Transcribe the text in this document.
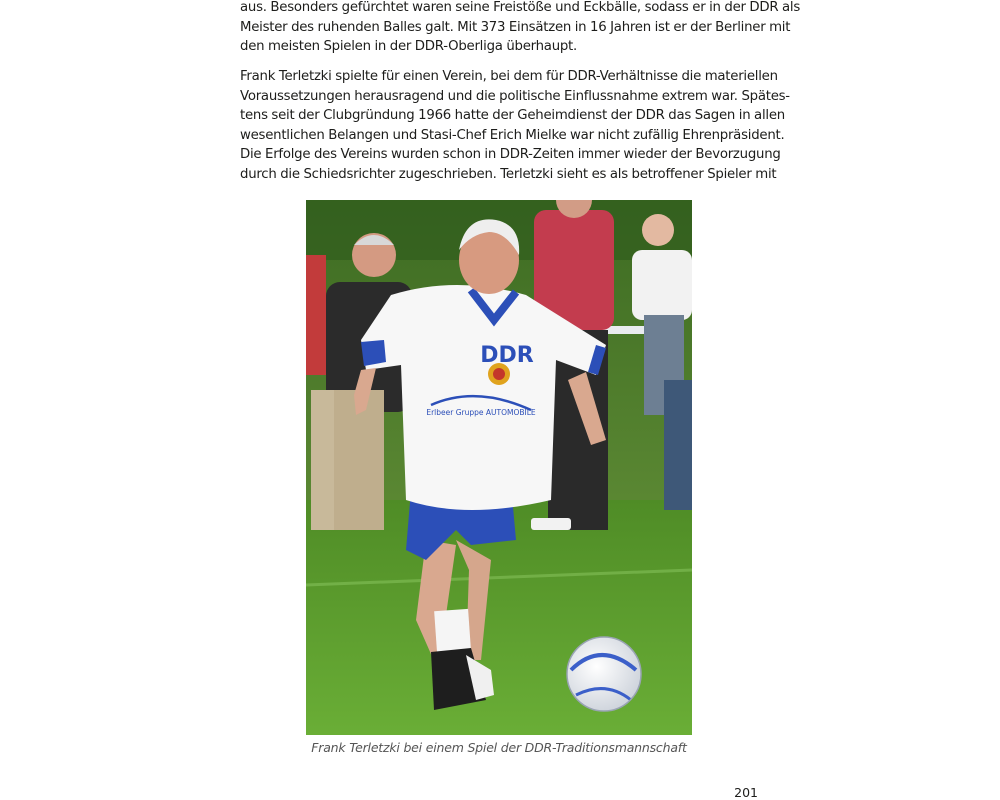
aus. Besonders gefürchtet waren seine Freistöße und Eckbälle, sodass er in der DDR als
Meister des ruhenden Balles galt. Mit 373 Einsätzen in 16 Jahren ist er der Berliner mit
den meisten Spielen in der DDR-Oberliga überhaupt.
Frank Terletzki spielte für einen Verein, bei dem für DDR-Verhältnisse die materiellen
Voraussetzungen herausragend und die politische Einflussnahme extrem war. Spätes-
tens seit der Clubgründung 1966 hatte der Geheimdienst der DDR das Sagen in allen
wesentlichen Belangen und Stasi-Chef Erich Mielke war nicht zufällig Ehrenpräsident.
Die Erfolge des Vereins wurden schon in DDR-Zeiten immer wieder der Bevorzugung
durch die Schiedsrichter zugeschrieben. Terletzki sieht es als betroffener Spieler mit
DDR
Erlbeer Gruppe AUTOMOBILE
Frank Terletzki bei einem Spiel der DDR-Traditionsmannschaft
201
